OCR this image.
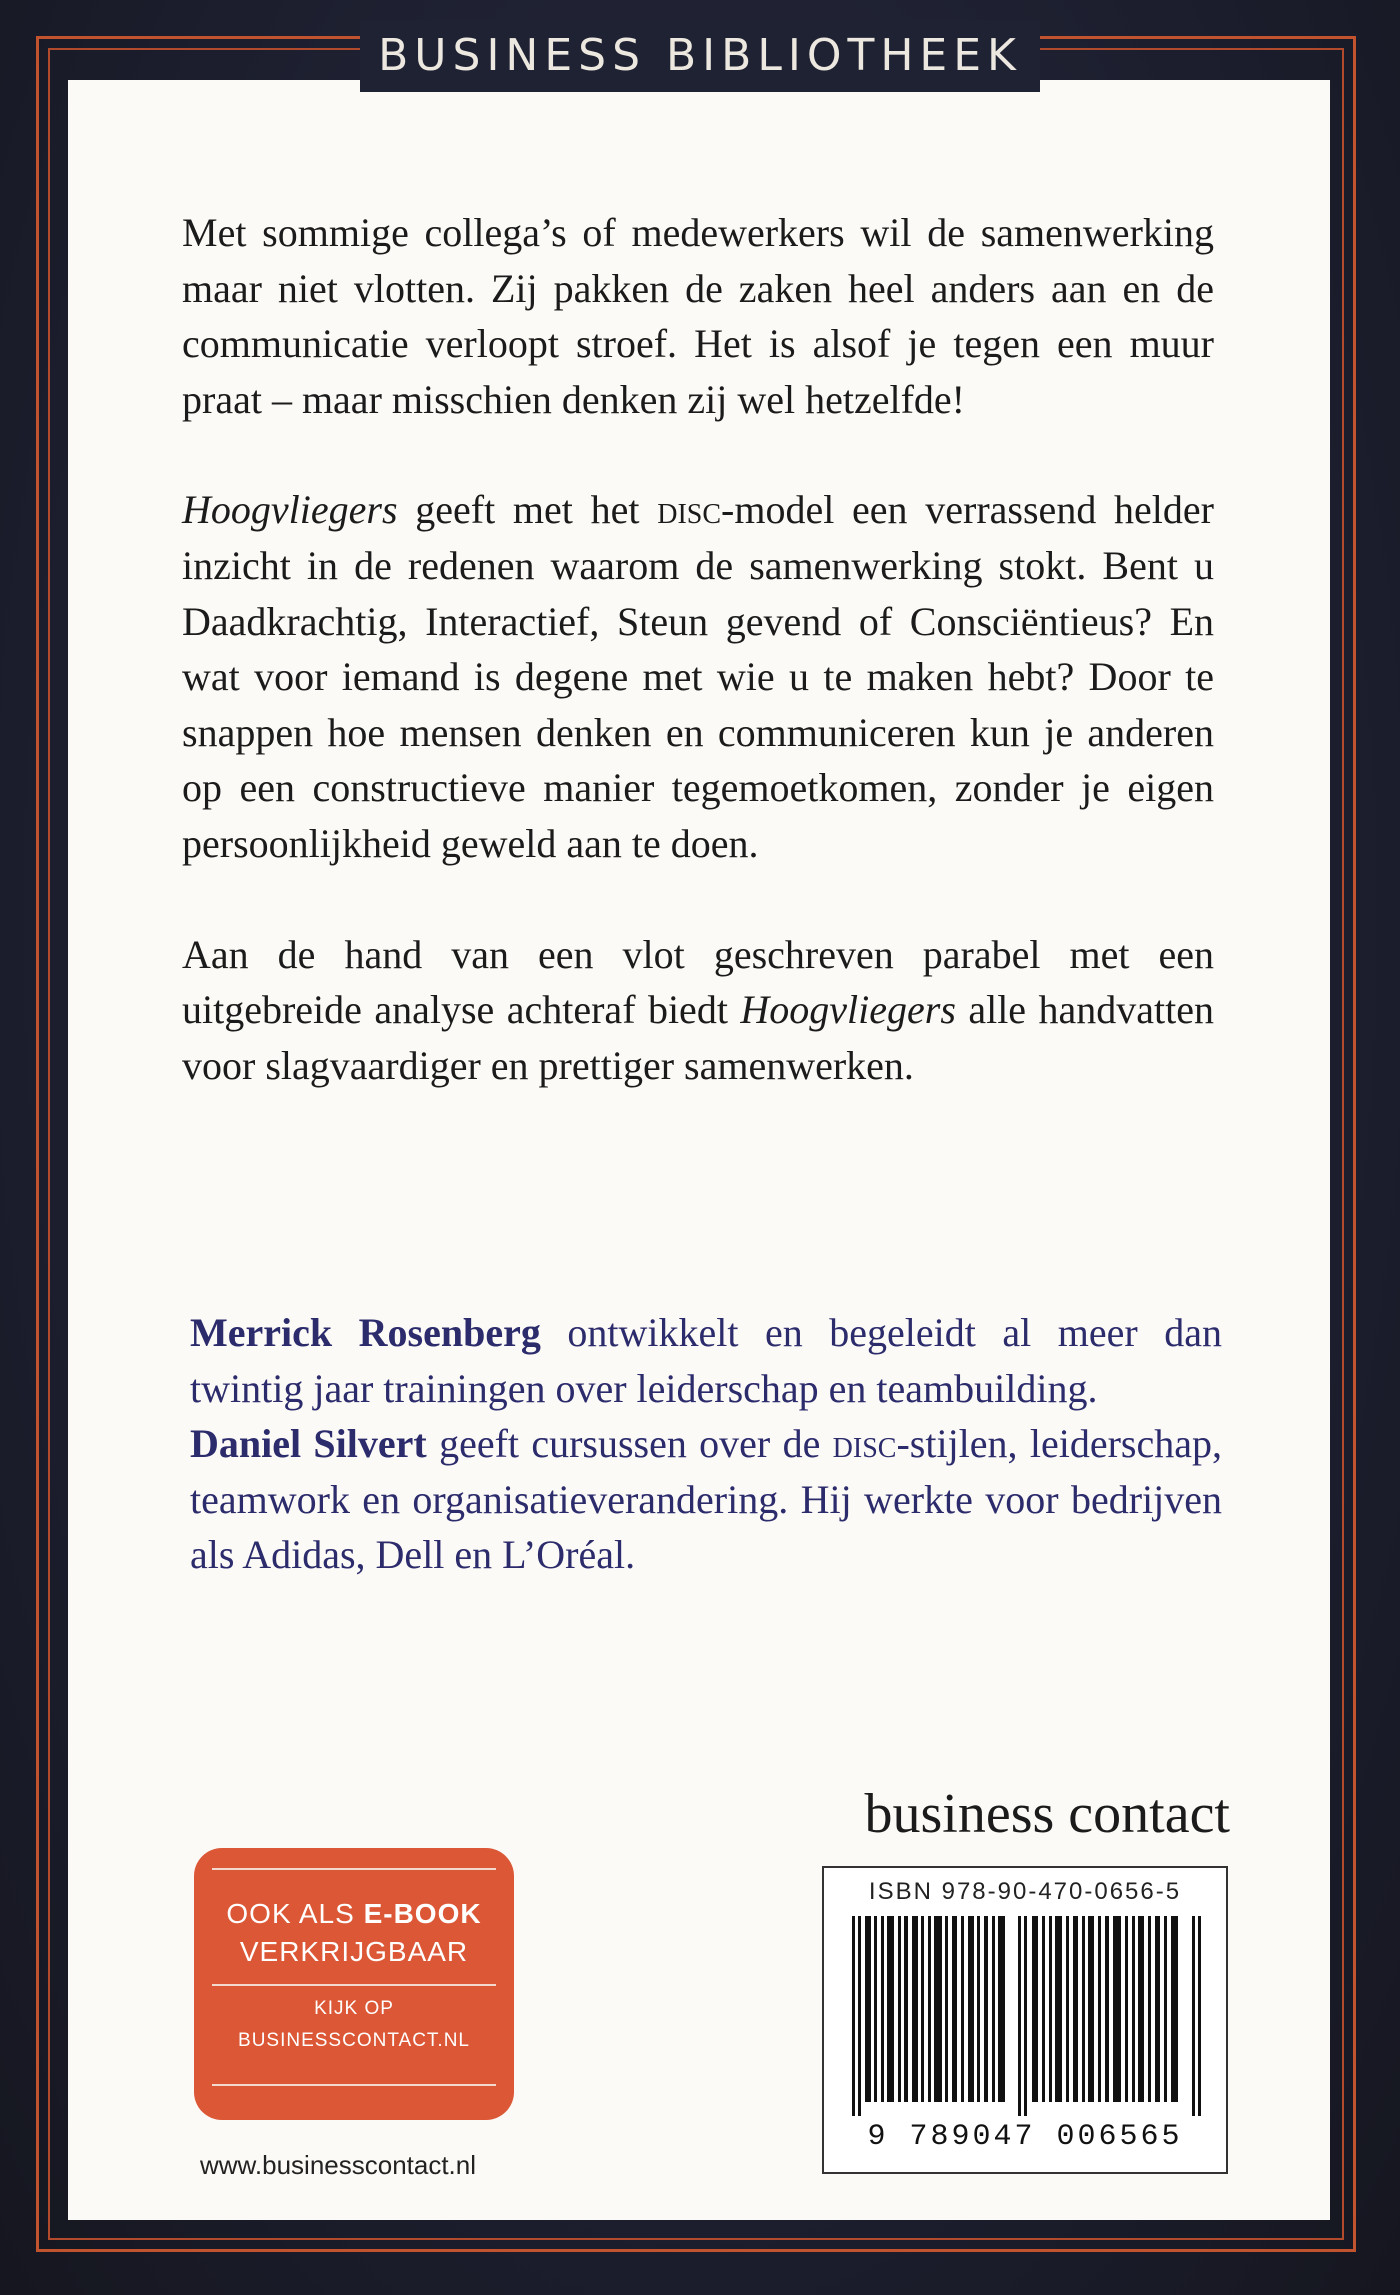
BUSINESS BIBLIOTHEEK

Met sommige collega’s of medewerkers wil de samenwerking maar niet vlotten. Zij pakken de zaken heel anders aan en de communicatie verloopt stroef. Het is alsof je tegen een muur praat – maar misschien denken zij wel hetzelfde!

Hoogvliegers geeft met het disc-model een verrassend helder inzicht in de redenen waarom de samenwerking stokt. Bent u Daadkrachtig, Interactief, Steun gevend of Consciëntieus? En wat voor iemand is degene met wie u te maken hebt? Door te snappen hoe mensen denken en communiceren kun je anderen op een constructieve manier tegemoetkomen, zonder je eigen persoonlijkheid geweld aan te doen.

Aan de hand van een vlot geschreven parabel met een uitgebreide analyse achteraf biedt Hoogvliegers alle handvatten voor slagvaardiger en prettiger samenwerken.

Merrick Rosenberg ontwikkelt en begeleidt al meer dan twintig jaar trainingen over leiderschap en teambuilding.
Daniel Silvert geeft cursussen over de disc-stijlen, leiderschap, teamwork en organisatieverandering. Hij werkte voor bedrijven als Adidas, Dell en L’Oréal.
business contact
ISBN 978-90-470-0656-5
9 789047 006565
OOK ALS E-BOOK
VERKRIJGBAAR
KIJK OP
BUSINESSCONTACT.NL
www.businesscontact.nl
